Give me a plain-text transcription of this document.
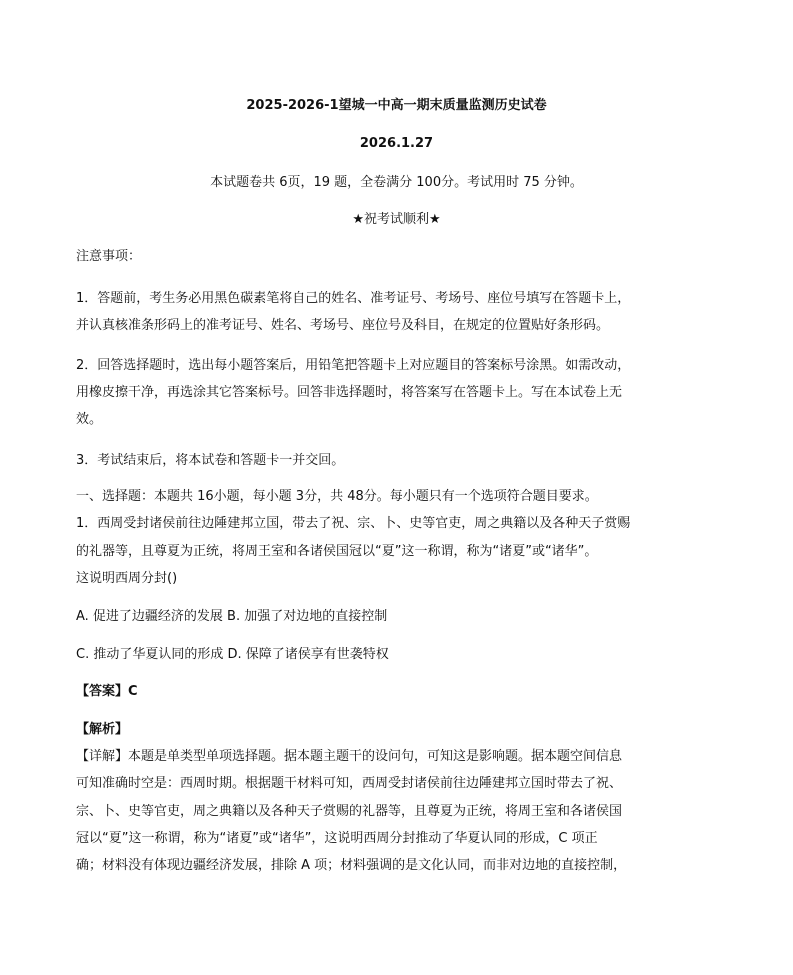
2025-2026-1望城一中高一期末质量监测历史试卷
2026.1.27
本试题卷共 6页，19 题，全卷满分 100分。考试用时 75 分钟。
★祝考试顺利★
注意事项：
1．答题前，考生务必用黑色碳素笔将自己的姓名、准考证号、考场号、座位号填写在答题卡上，
并认真核准条形码上的准考证号、姓名、考场号、座位号及科目，在规定的位置贴好条形码。
2．回答选择题时，选出每小题答案后，用铅笔把答题卡上对应题目的答案标号涂黑。如需改动，
用橡皮擦干净，再选涂其它答案标号。回答非选择题时，将答案写在答题卡上。写在本试卷上无
效。
3．考试结束后，将本试卷和答题卡一并交回。
一、选择题：本题共 16小题，每小题 3分，共 48分。每小题只有一个选项符合题目要求。
1．西周受封诸侯前往边陲建邦立国，带去了祝、宗、卜、史等官吏，周之典籍以及各种天子赏赐
的礼器等，且尊夏为正统，将周王室和各诸侯国冠以“夏”这一称谓，称为“诸夏”或“诸华”。
这说明西周分封()
A. 促进了边疆经济的发展 B. 加强了对边地的直接控制
C. 推动了华夏认同的形成 D. 保障了诸侯享有世袭特权
【答案】C
【解析】
【详解】本题是单类型单项选择题。据本题主题干的设问句，可知这是影响题。据本题空间信息
可知准确时空是：西周时期。根据题干材料可知，西周受封诸侯前往边陲建邦立国时带去了祝、
宗、卜、史等官吏，周之典籍以及各种天子赏赐的礼器等，且尊夏为正统，将周王室和各诸侯国
冠以“夏”这一称谓，称为“诸夏”或“诸华”，这说明西周分封推动了华夏认同的形成，C 项正
确；材料没有体现边疆经济发展，排除 A 项；材料强调的是文化认同，而非对边地的直接控制，
